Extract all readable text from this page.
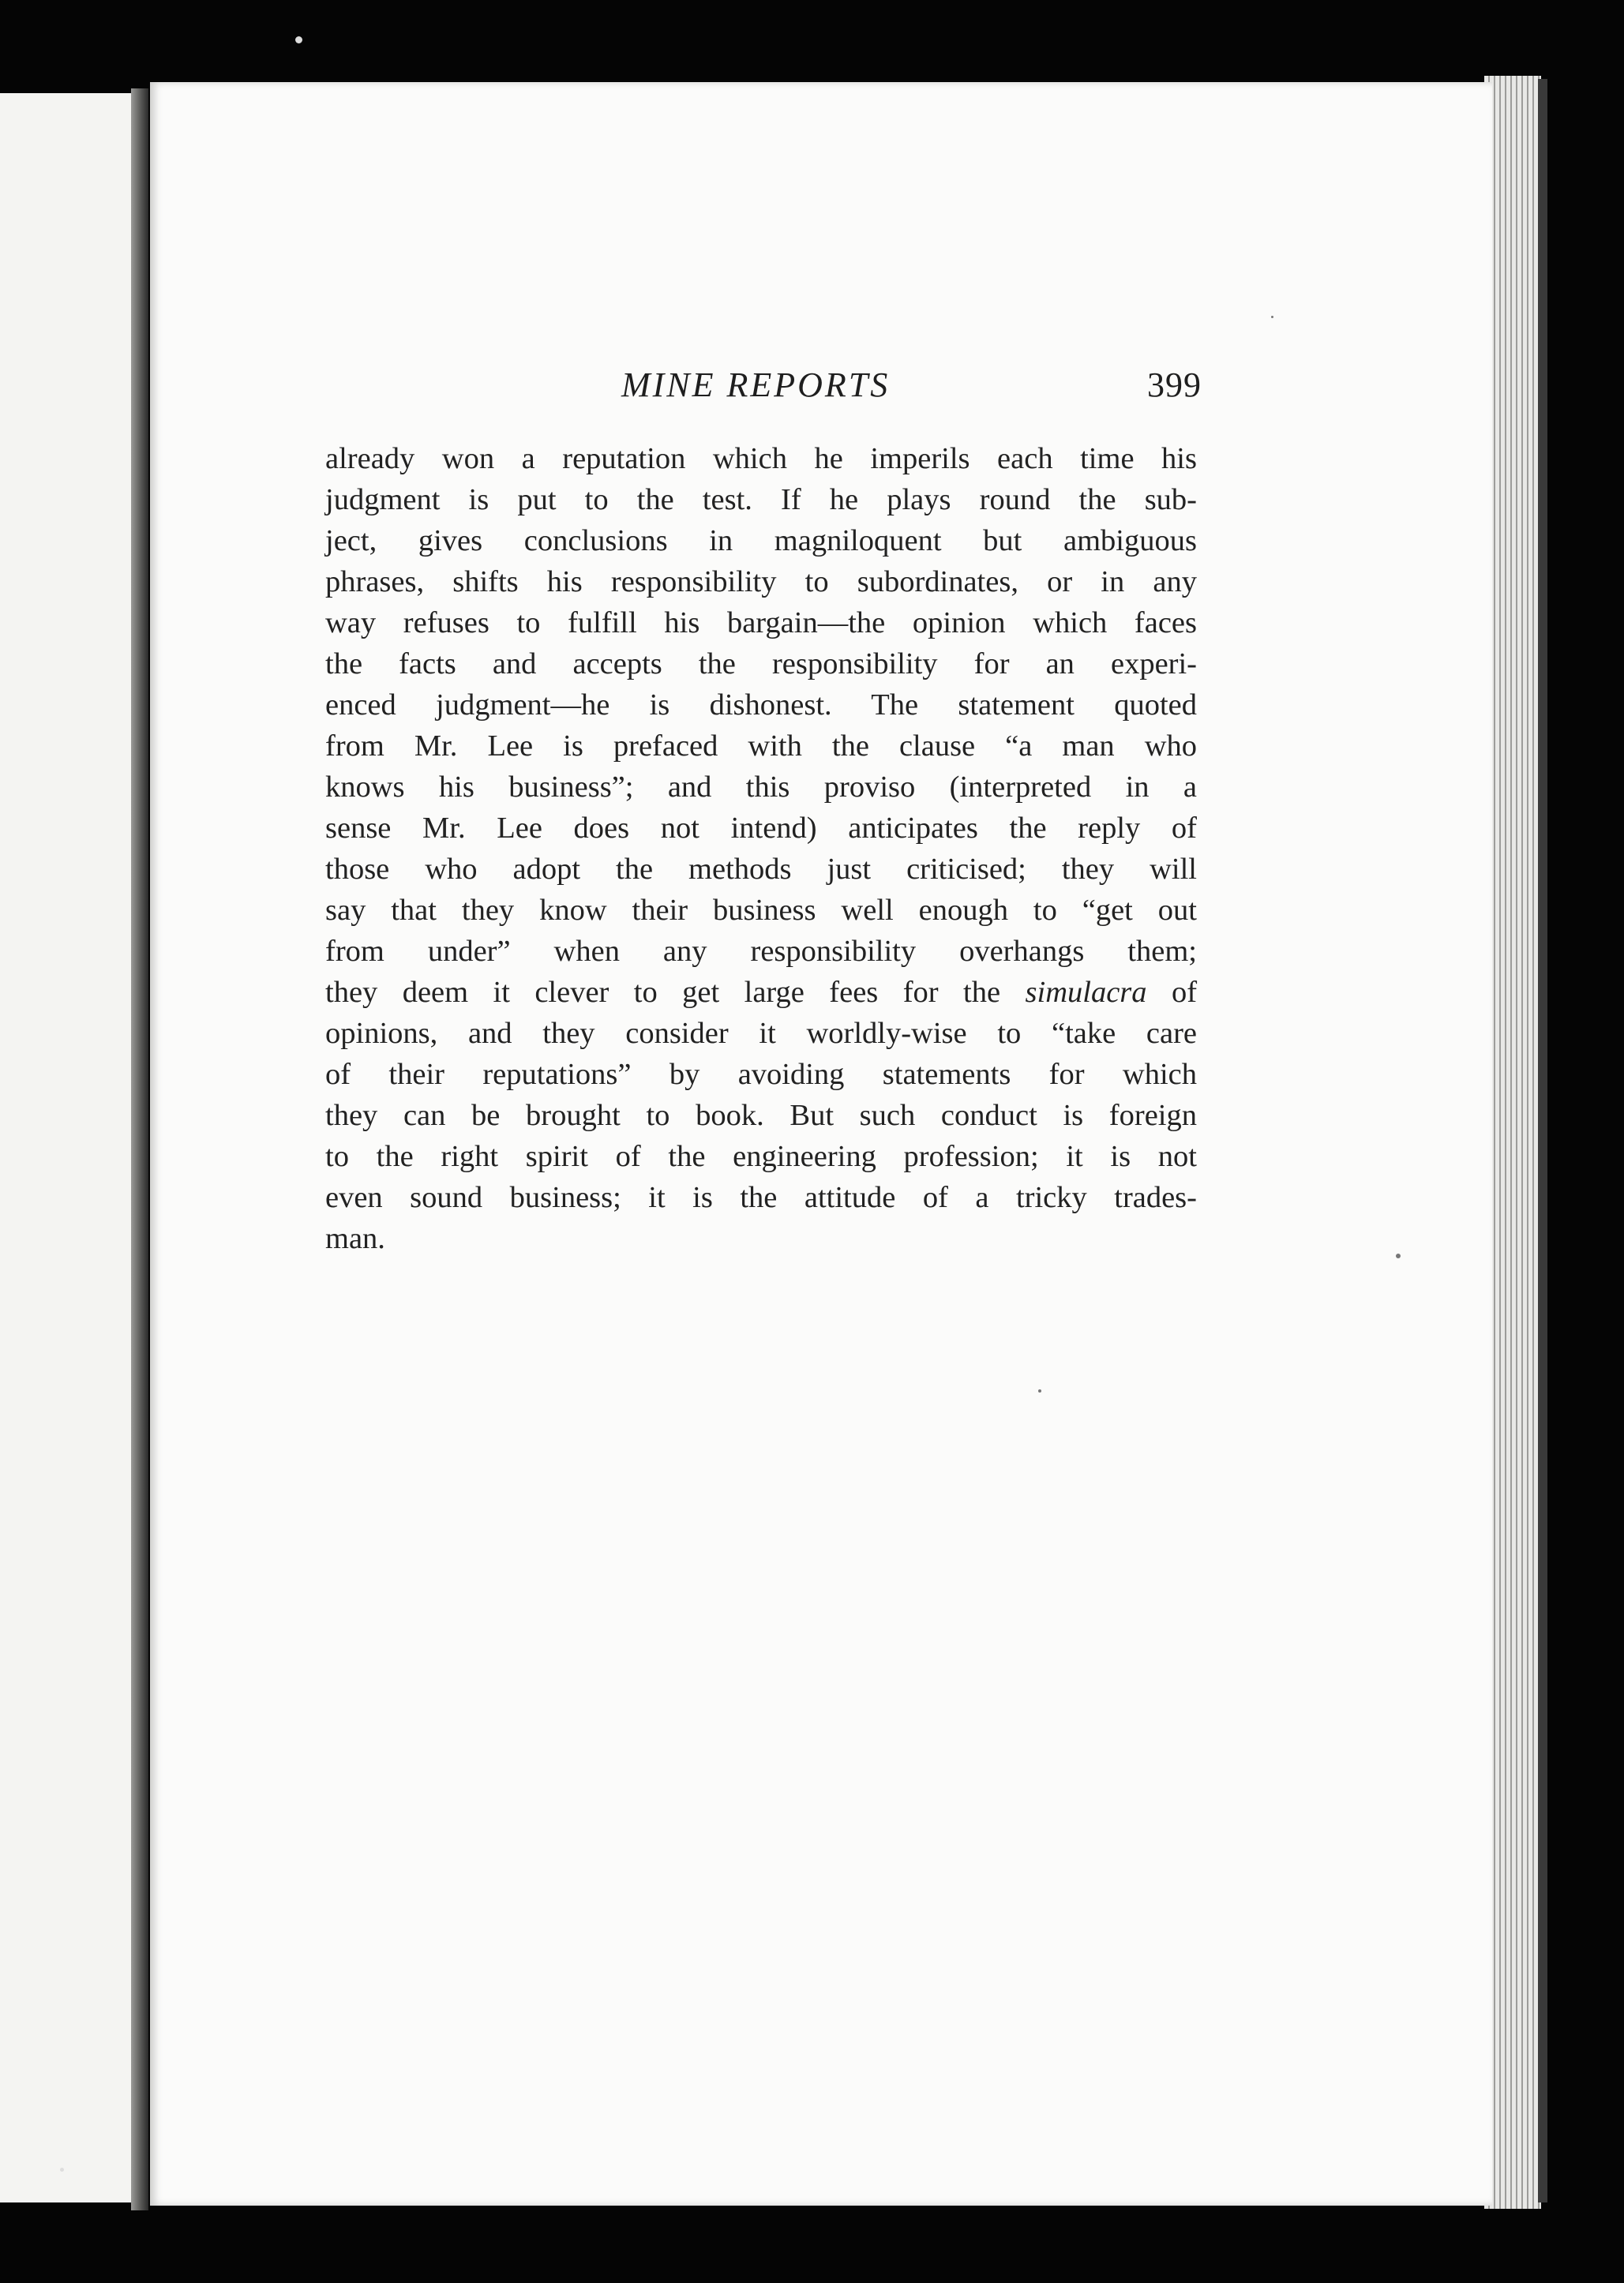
MINE REPORTS	399
already won a reputation which he imperils each time his
judgment is put to the test. If he plays round the sub-
ject, gives conclusions in magniloquent but ambiguous
phrases, shifts his responsibility to subordinates, or in any
way refuses to fulfill his bargain—the opinion which faces
the facts and accepts the responsibility for an experi-
enced judgment—he is dishonest. The statement quoted
from Mr. Lee is prefaced with the clause “a man who
knows his business”; and this proviso (interpreted in a
sense Mr. Lee does not intend) anticipates the reply of
those who adopt the methods just criticised; they will
say that they know their business well enough to “get out
from under” when any responsibility overhangs them;
they deem it clever to get large fees for the simulacra of
opinions, and they consider it worldly-wise to “take care
of their reputations” by avoiding statements for which
they can be brought to book. But such conduct is foreign
to the right spirit of the engineering profession; it is not
even sound business; it is the attitude of a tricky trades-
man.
